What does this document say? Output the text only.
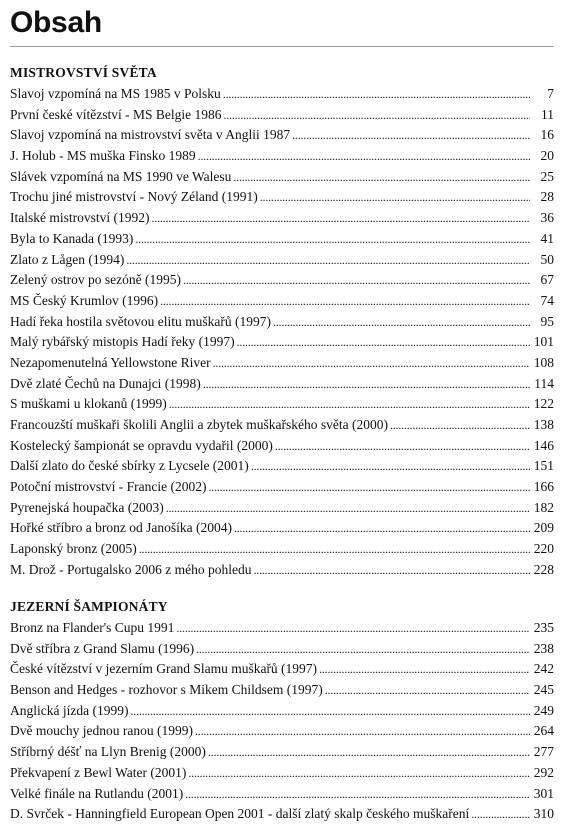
Obsah
MISTROVSTVÍ SVĚTA
Slavoj vzpomíná na MS 1985 v Polsku . . .	7
První české vítězství - MS Belgie 1986 . . .	11
Slavoj vzpomíná na mistrovství světa v Anglii 1987 . . .	16
J. Holub - MS muška Finsko 1989 . . .	20
Slávek vzpomíná na MS 1990 ve Walesu . . .	25
Trochu jiné mistrovství - Nový Zéland (1991) . . .	28
Italské mistrovství (1992) . . .	36
Byla to Kanada (1993) . . .	41
Zlato z Lågen (1994) . . .	50
Zelený ostrov po sezóně (1995) . . .	67
MS Český Krumlov (1996) . . .	74
Hadí řeka hostila světovou elitu muškařů (1997) . . .	95
Malý rybářský mistopis Hadí řeky (1997) . . .	101
Nezapomenutelná Yellowstone River . . .	108
Dvě zlaté Čechů na Dunajci (1998) . . .	114
S muškami u klokanů (1999) . . .	122
Francouzští muškaři školili Anglii a zbytek muškařského světa (2000) . . .	138
Kostelecký šampionát se opravdu vydařil (2000) . . .	146
Další zlato do české sbírky z Lycsele (2001) . . .	151
Potoční mistrovství - Francie (2002) . . .	166
Pyrenejská houpačka (2003) . . .	182
Hořké stříbro a bronz od Janošíka (2004) . . .	209
Laponský bronz (2005) . . .	220
M. Drož - Portugalsko 2006 z mého pohledu . . .	228
JEZERNÍ ŠAMPIONÁTY
Bronz na Flander's Cupu 1991 . . .	235
Dvě stříbra z Grand Slamu (1996) . . .	238
České vítězství v jezerním Grand Slamu muškařů (1997) . . .	242
Benson and Hedges - rozhovor s Mikem Childsem (1997) . . .	245
Anglická jízda (1999) . . .	249
Dvě mouchy jednou ranou (1999) . . .	264
Stříbrný déšť na Llyn Brenig (2000) . . .	277
Překvapení z Bewl Water (2001) . . .	292
Velké finále na Rutlandu (2001) . . .	301
D. Svrček - Hanningfield European Open 2001 - další zlatý skalp českého muškaření . . .	310
